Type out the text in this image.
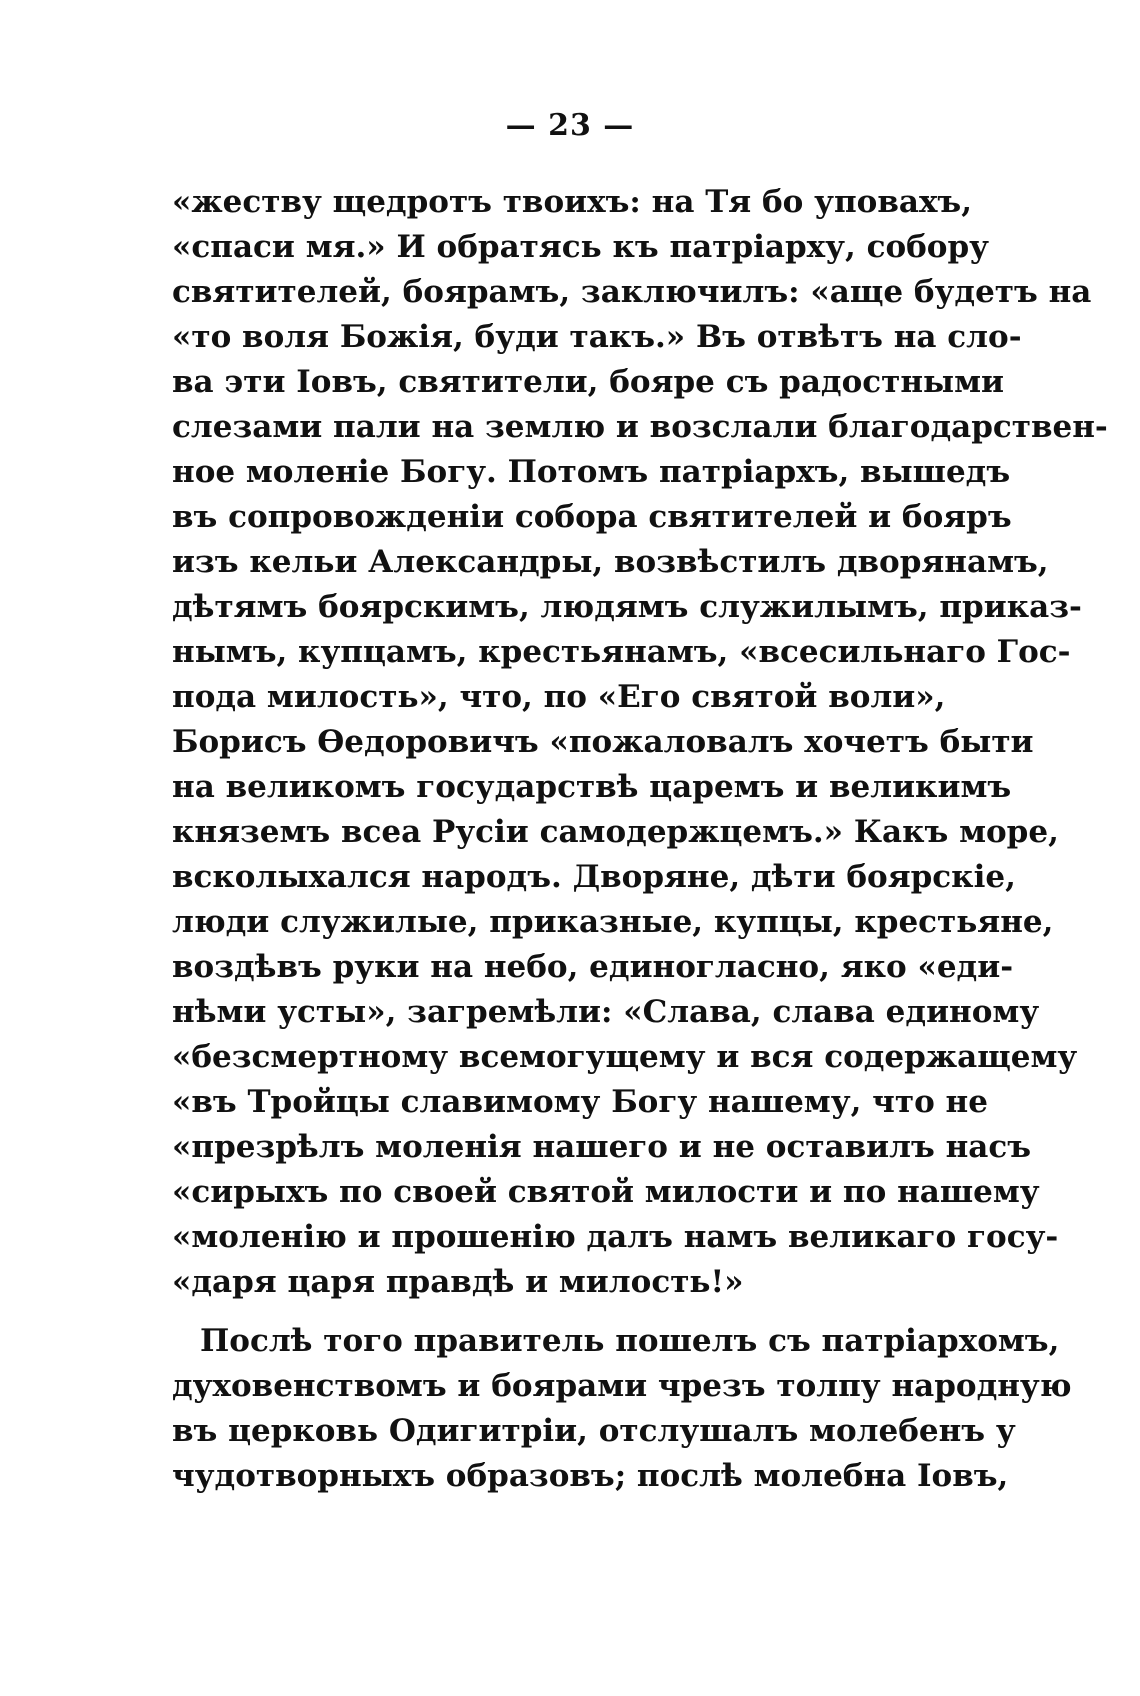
— 23 —
«жеству щедротъ твоихъ: на Тя бо уповахъ,
«спаси мя.» И обратясь къ патріарху, собору
святителей, боярамъ, заключилъ: «аще будетъ на
«то воля Божія, буди такъ.» Въ отвѣтъ на сло-
ва эти Іовъ, святители, бояре съ радостными
слезами пали на землю и возслали благодарствен-
ное моленіе Богу. Потомъ патріархъ, вышедъ
въ сопровожденіи собора святителей и бояръ
изъ кельи Александры, возвѣстилъ дворянамъ,
дѣтямъ боярскимъ, людямъ служилымъ, приказ-
нымъ, купцамъ, крестьянамъ, «всесильнаго Гос-
пода милость», что, по «Его святой воли»,
Борисъ Ѳедоровичъ «пожаловалъ хочетъ быти
на великомъ государствѣ царемъ и великимъ
княземъ всеа Русіи самодержцемъ.» Какъ море,
всколыхался народъ. Дворяне, дѣти боярскіе,
люди служилые, приказные, купцы, крестьяне,
воздѣвъ руки на небо, единогласно, яко «еди-
нѣми усты», загремѣли: «Слава, слава единому
«безсмертному всемогущему и вся содержащему
«въ Тройцы славимому Богу нашему, что не
«презрѣлъ моленія нашего и не оставилъ насъ
«сирыхъ по своей святой милости и по нашему
«моленію и прошенію далъ намъ великаго госу-
«даря царя правдѣ и милость!»
Послѣ того правитель пошелъ съ патріархомъ,
духовенствомъ и боярами чрезъ толпу народную
въ церковь Одигитріи, отслушалъ молебенъ у
чудотворныхъ образовъ; послѣ молебна Іовъ,
